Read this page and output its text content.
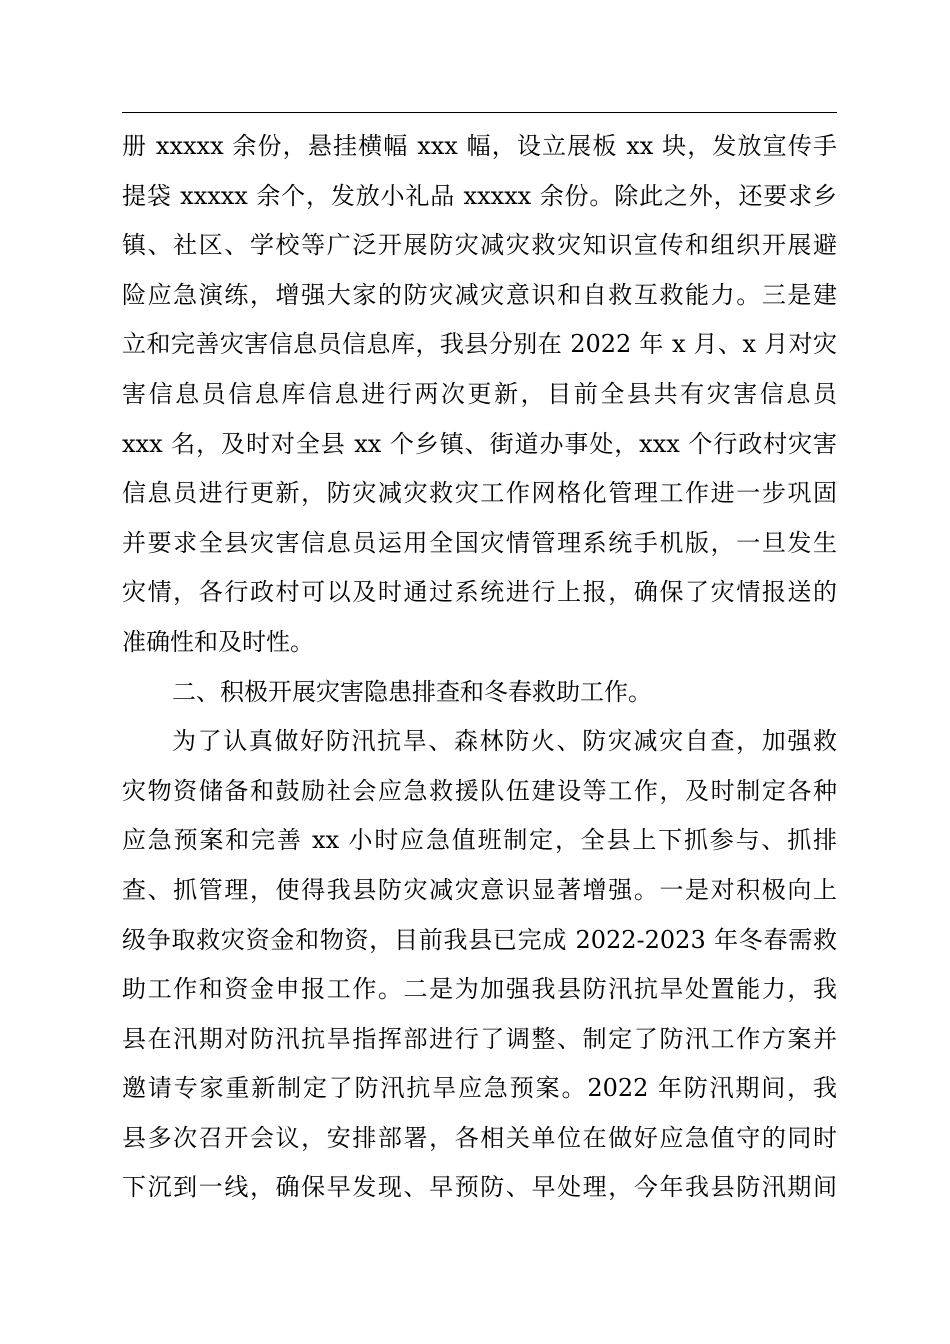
册 xxxxx 余份，悬挂横幅 xxx 幅，设立展板 xx 块，发放宣传手
提袋 xxxxx 余个，发放小礼品 xxxxx 余份。除此之外，还要求乡
镇、社区、学校等广泛开展防灾减灾救灾知识宣传和组织开展避
险应急演练，增强大家的防灾减灾意识和自救互救能力。三是建
立和完善灾害信息员信息库，我县分别在 2022 年 x 月、x 月对灾
害信息员信息库信息进行两次更新，目前全县共有灾害信息员
xxx 名，及时对全县 xx 个乡镇、街道办事处，xxx 个行政村灾害
信息员进行更新，防灾减灾救灾工作网格化管理工作进一步巩固
并要求全县灾害信息员运用全国灾情管理系统手机版，一旦发生
灾情，各行政村可以及时通过系统进行上报，确保了灾情报送的
准确性和及时性。
二、积极开展灾害隐患排查和冬春救助工作。
为了认真做好防汛抗旱、森林防火、防灾减灾自查，加强救
灾物资储备和鼓励社会应急救援队伍建设等工作，及时制定各种
应急预案和完善 xx 小时应急值班制定，全县上下抓参与、抓排
查、抓管理，使得我县防灾减灾意识显著增强。一是对积极向上
级争取救灾资金和物资，目前我县已完成 2022-2023 年冬春需救
助工作和资金申报工作。二是为加强我县防汛抗旱处置能力，我
县在汛期对防汛抗旱指挥部进行了调整、制定了防汛工作方案并
邀请专家重新制定了防汛抗旱应急预案。2022 年防汛期间，我
县多次召开会议，安排部署，各相关单位在做好应急值守的同时
下沉到一线，确保早发现、早预防、早处理，今年我县防汛期间
